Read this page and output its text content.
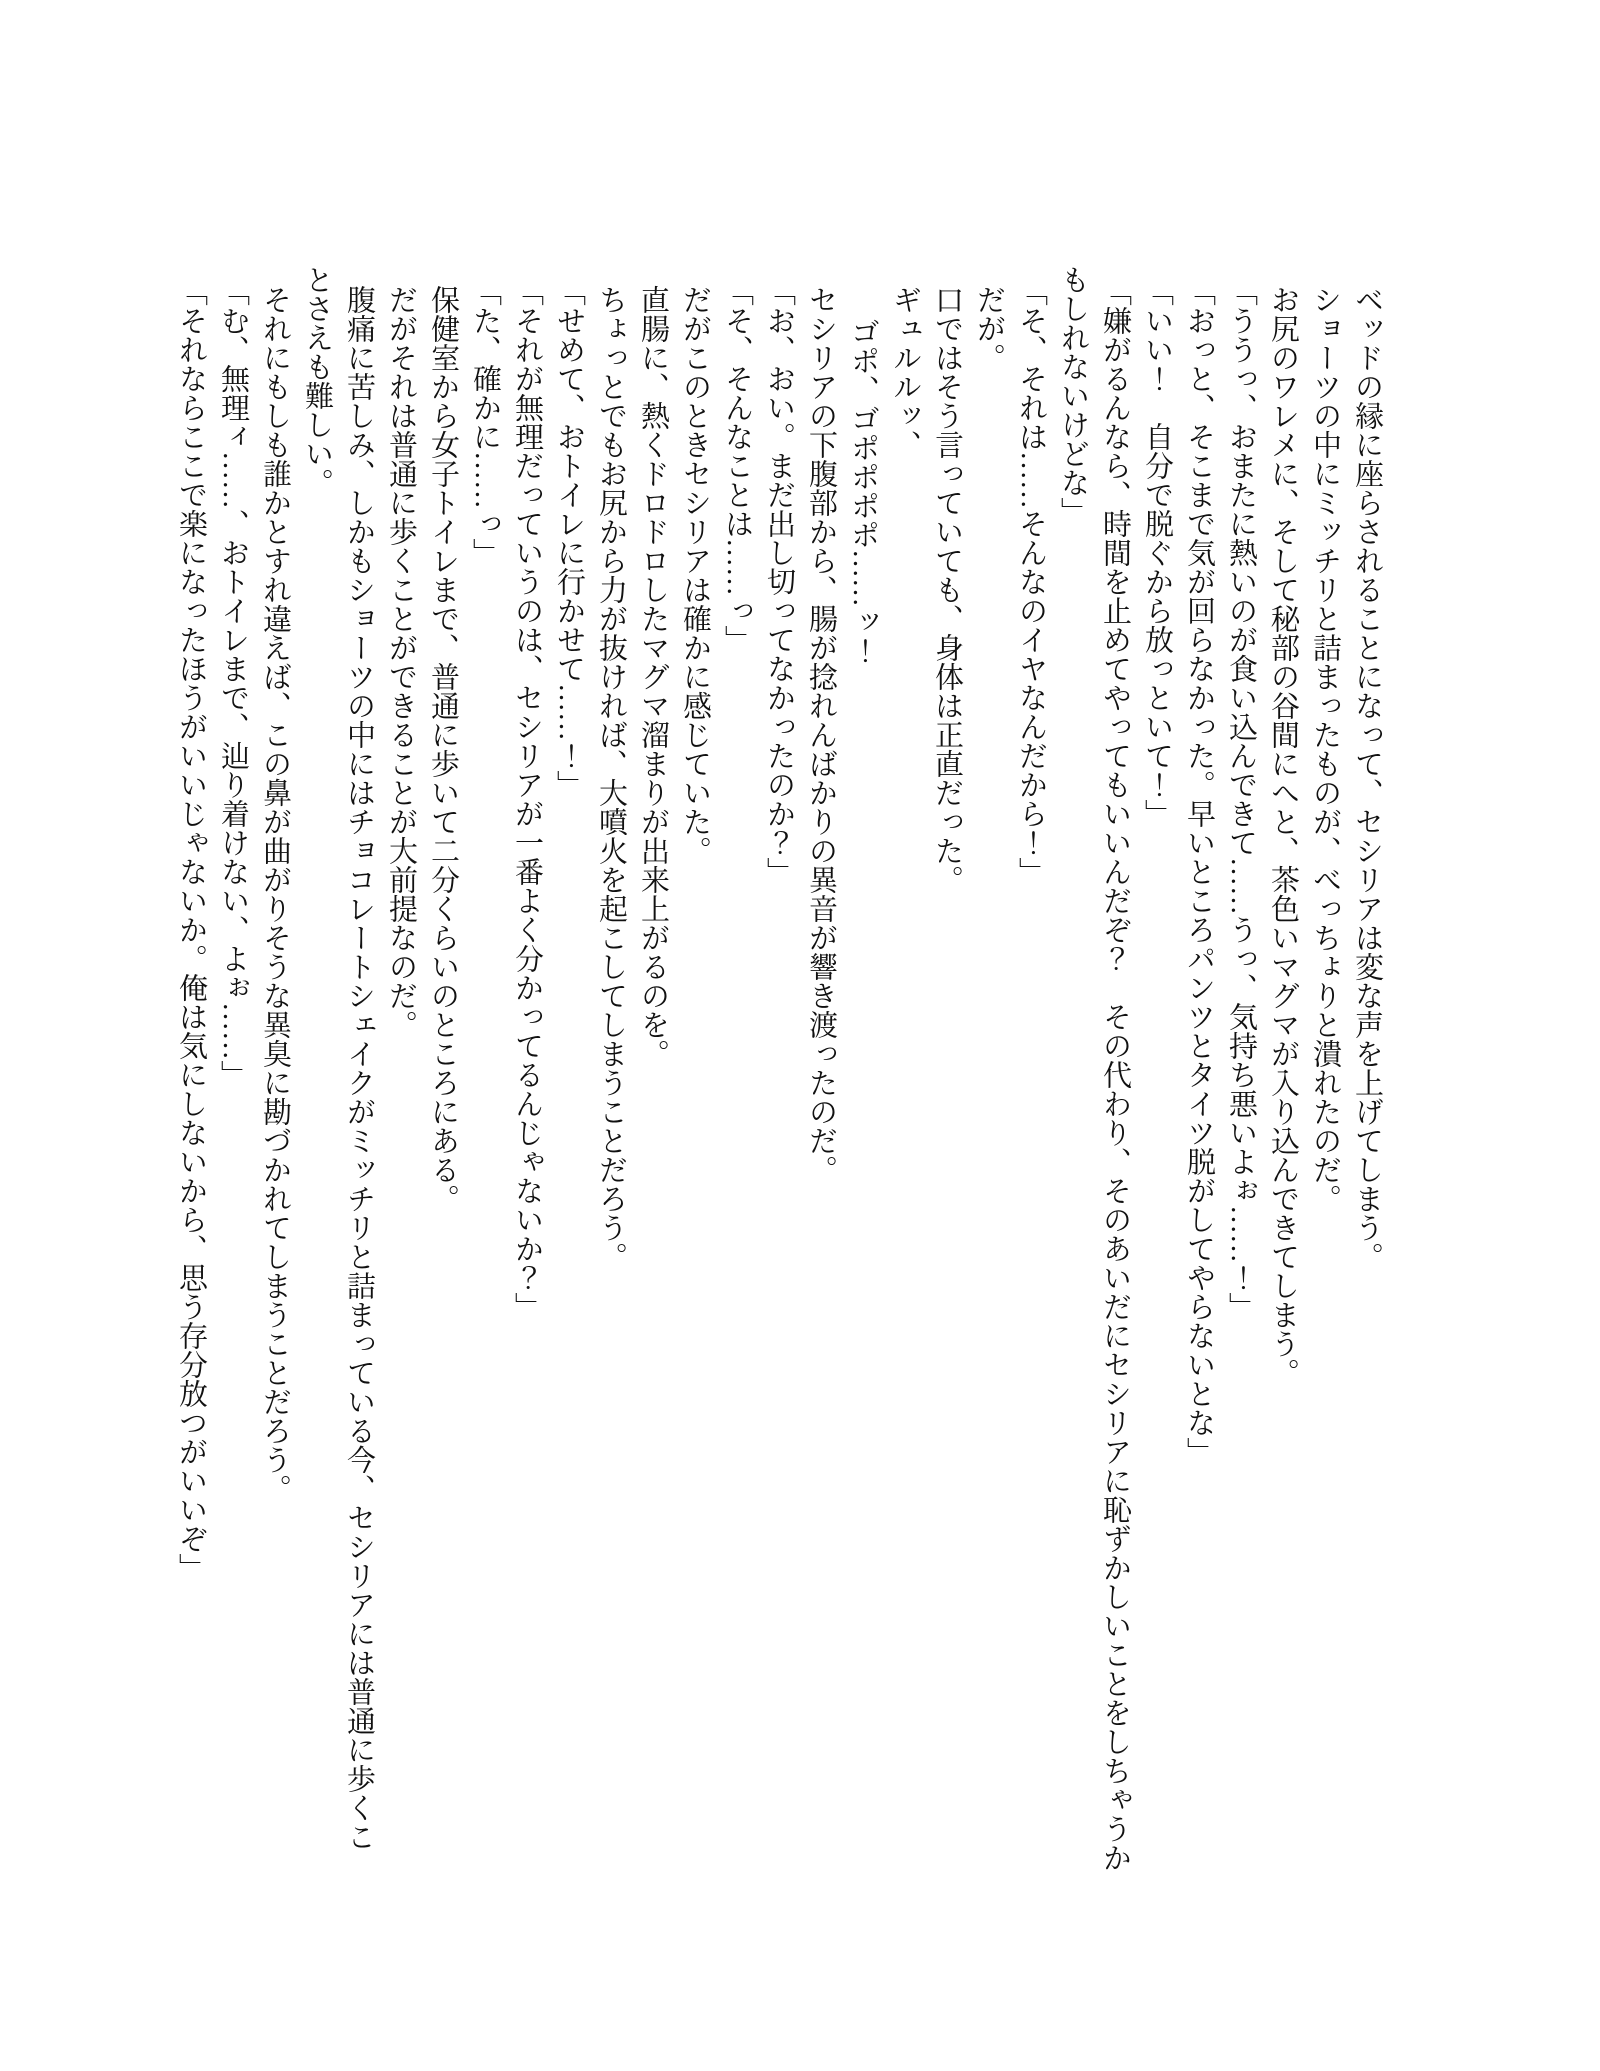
ベッドの縁に座らされることになって、セシリアは変な声を上げてしまう。

ショーツの中にミッチリと詰まったものが、べっちょりと潰れたのだ。

お尻のワレメに、そして秘部の谷間にへと、茶色いマグマが入り込んできてしまう。

「ううっ、おまたに熱いのが食い込んできて……うっ、気持ち悪いよぉ……！」

「おっと、そこまで気が回らなかった。早いところパンツとタイツ脱がしてやらないとな」

「いい！　自分で脱ぐから放っといて！」

「嫌がるんなら、時間を止めてやってもいいんだぞ？　その代わり、そのあいだにセシリアに恥ずかしいことをしちゃうかもしれないけどな」

「そ、それは……そんなのイヤなんだから！」

だが。

口ではそう言っていても、身体は正直だった。

ギュルルッ、

ゴポ、ゴポポポポ……ッ！

セシリアの下腹部から、腸が捻れんばかりの異音が響き渡ったのだ。

「お、おい。まだ出し切ってなかったのか？」

「そ、そんなことは……っ」

だがこのときセシリアは確かに感じていた。

直腸に、熱くドロドロしたマグマ溜まりが出来上がるのを。

ちょっとでもお尻から力が抜ければ、大噴火を起こしてしまうことだろう。

「せめて、おトイレに行かせて……！」

「それが無理だっていうのは、セシリアが一番よく分かってるんじゃないか？」

「た、確かに……っ」

保健室から女子トイレまで、普通に歩いて二分くらいのところにある。

だがそれは普通に歩くことができることが大前提なのだ。

腹痛に苦しみ、しかもショーツの中にはチョコレートシェイクがミッチリと詰まっている今、セシリアには普通に歩くことさえも難しい。

それにもしも誰かとすれ違えば、この鼻が曲がりそうな異臭に勘づかれてしまうことだろう。

「む、無理ィ……、おトイレまで、辿り着けない、よぉ……」

「それならここで楽になったほうがいいじゃないか。俺は気にしないから、思う存分放つがいいぞ」
